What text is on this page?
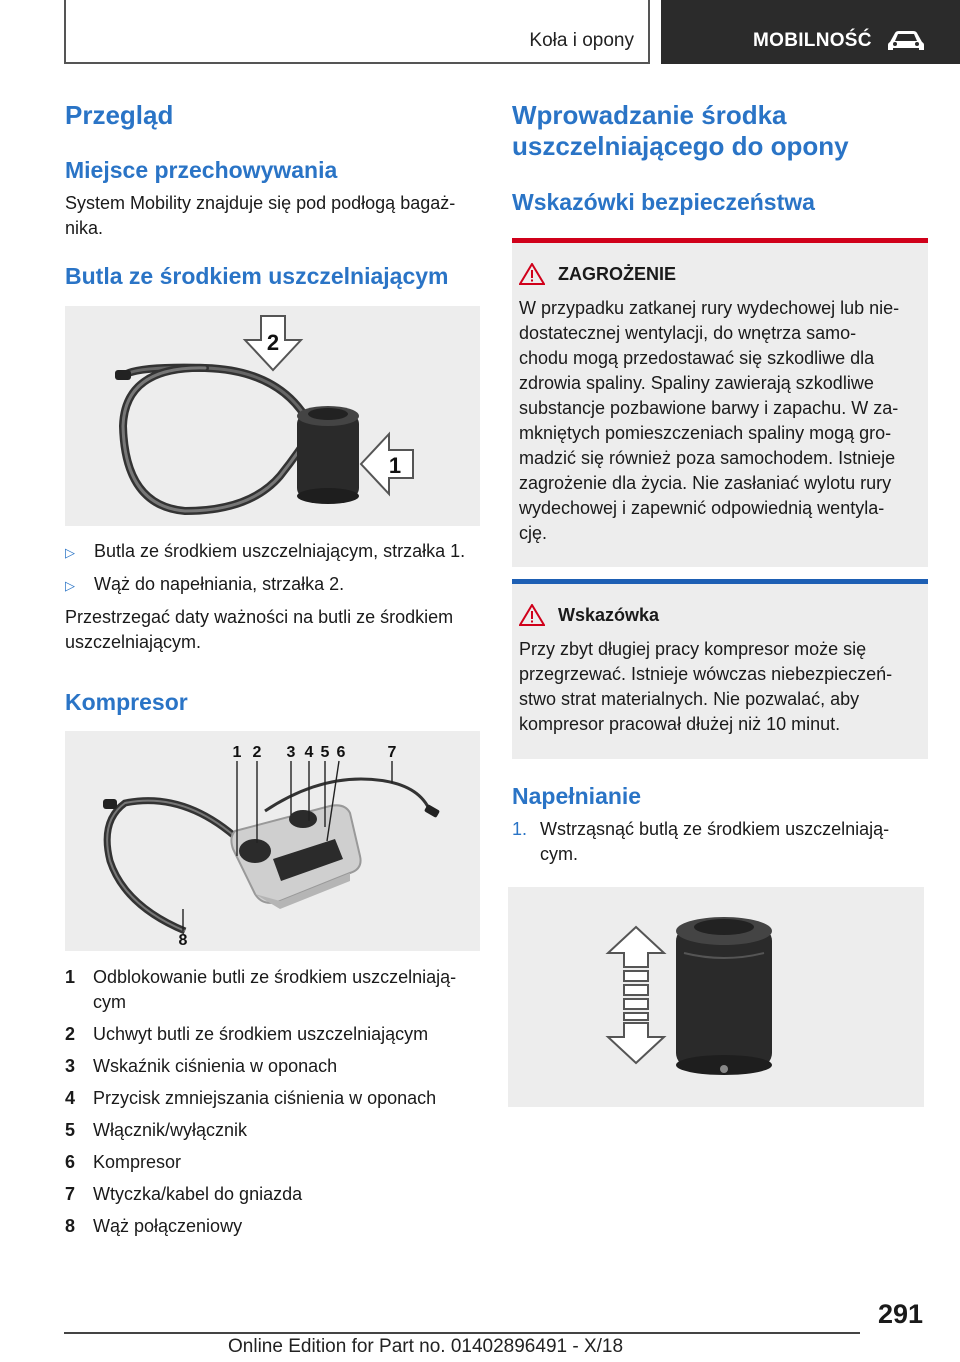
Koła i opony	MOBILNOŚĆ
Przegląd
Miejsce przechowywania
System Mobility znajduje się pod podłogą bagaż‐
nika.
Butla ze środkiem uszczelniającym
2
1
▷	Butla ze środkiem uszczelniającym, strzałka 1.
▷	Wąż do napełniania, strzałka 2.
Przestrzegać daty ważności na butli ze środkiem
uszczelniającym.
Kompresor
1 2 3 4 5 6	7
8
1 Odblokowanie butli ze środkiem uszczelniają‐
cym
2 Uchwyt butli ze środkiem uszczelniającym
3 Wskaźnik ciśnienia w oponach
4 Przycisk zmniejszania ciśnienia w oponach
5 Włącznik/wyłącznik
6 Kompresor
7 Wtyczka/kabel do gniazda
8 Wąż połączeniowy
Wprowadzanie środka
uszczelniającego do opony
Wskazówki bezpieczeństwa
ZAGROŻENIE
W przypadku zatkanej rury wydechowej lub nie‐
dostatecznej wentylacji, do wnętrza samo‐
chodu mogą przedostawać się szkodliwe dla
zdrowia spaliny. Spaliny zawierają szkodliwe
substancje pozbawione barwy i zapachu. W za‐
mkniętych pomieszczeniach spaliny mogą gro‐
madzić się również poza samochodem. Istnieje
zagrożenie dla życia. Nie zasłaniać wylotu rury
wydechowej i zapewnić odpowiednią wentyla‐
cję.
Wskazówka
Przy zbyt długiej pracy kompresor może się
przegrzewać. Istnieje wówczas niebezpieczeń‐
stwo strat materialnych. Nie pozwalać, aby
kompresor pracował dłużej niż 10 minut.
Napełnianie
1. Wstrząsnąć butlą ze środkiem uszczelniają‐
cym.
291
Online Edition for Part no. 01402896491 - X/18
